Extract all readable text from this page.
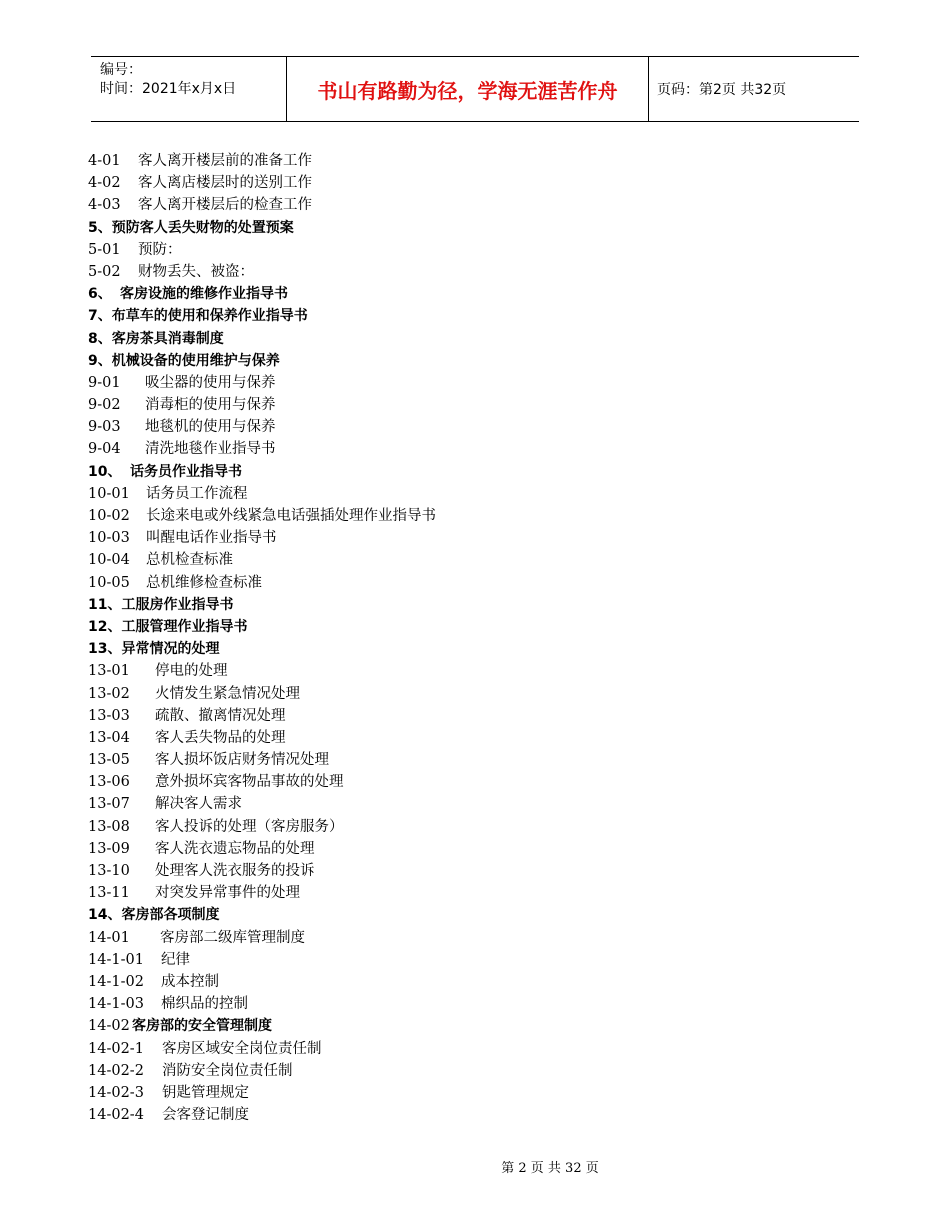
编号：
时间：2021年x月x日	书山有路勤为径，学海无涯苦作舟	页码：第2页 共32页
4-01	客人离开楼层前的准备工作
4-02	客人离店楼层时的送别工作
4-03	客人离开楼层后的检查工作
5、 预防客人丢失财物的处置预案
5-01	预防：
5-02	财物丢失、被盗：
6、 客房设施的维修作业指导书
7、 布草车的使用和保养作业指导书
8、 客房茶具消毒制度
9、 机械设备的使用维护与保养
9-01	吸尘器的使用与保养
9-02	消毒柜的使用与保养
9-03	地毯机的使用与保养
9-04	清洗地毯作业指导书
10、 话务员作业指导书
10-01	话务员工作流程
10-02	长途来电或外线紧急电话强插处理作业指导书
10-03	叫醒电话作业指导书
10-04	总机检查标准
10-05	总机维修检查标准
11、 工服房作业指导书
12、 工服管理作业指导书
13、 异常情况的处理
13-01	停电的处理
13-02	火情发生紧急情况处理
13-03	疏散、撤离情况处理
13-04	客人丢失物品的处理
13-05	客人损坏饭店财务情况处理
13-06	意外损坏宾客物品事故的处理
13-07	解决客人需求
13-08	客人投诉的处理（客房服务）
13-09	客人洗衣遗忘物品的处理
13-10	处理客人洗衣服务的投诉
13-11	对突发异常事件的处理
14、 客房部各项制度
14-01	客房部二级库管理制度
14-1-01	纪律
14-1-02	成本控制
14-1-03	棉织品的控制
14-02 客房部的安全管理制度
14-02-1	客房区域安全岗位责任制
14-02-2	消防安全岗位责任制
14-02-3	钥匙管理规定
14-02-4	会客登记制度
第 2 页 共 32 页
